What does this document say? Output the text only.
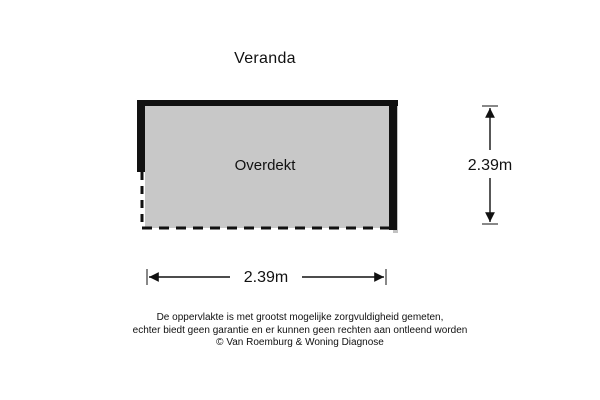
Veranda
Overdekt	2.39m
2.39m
De oppervlakte is met grootst mogelijke zorgvuldigheid gemeten,
echter biedt geen garantie en er kunnen geen rechten aan ontleend worden
© Van Roemburg & Woning Diagnose
